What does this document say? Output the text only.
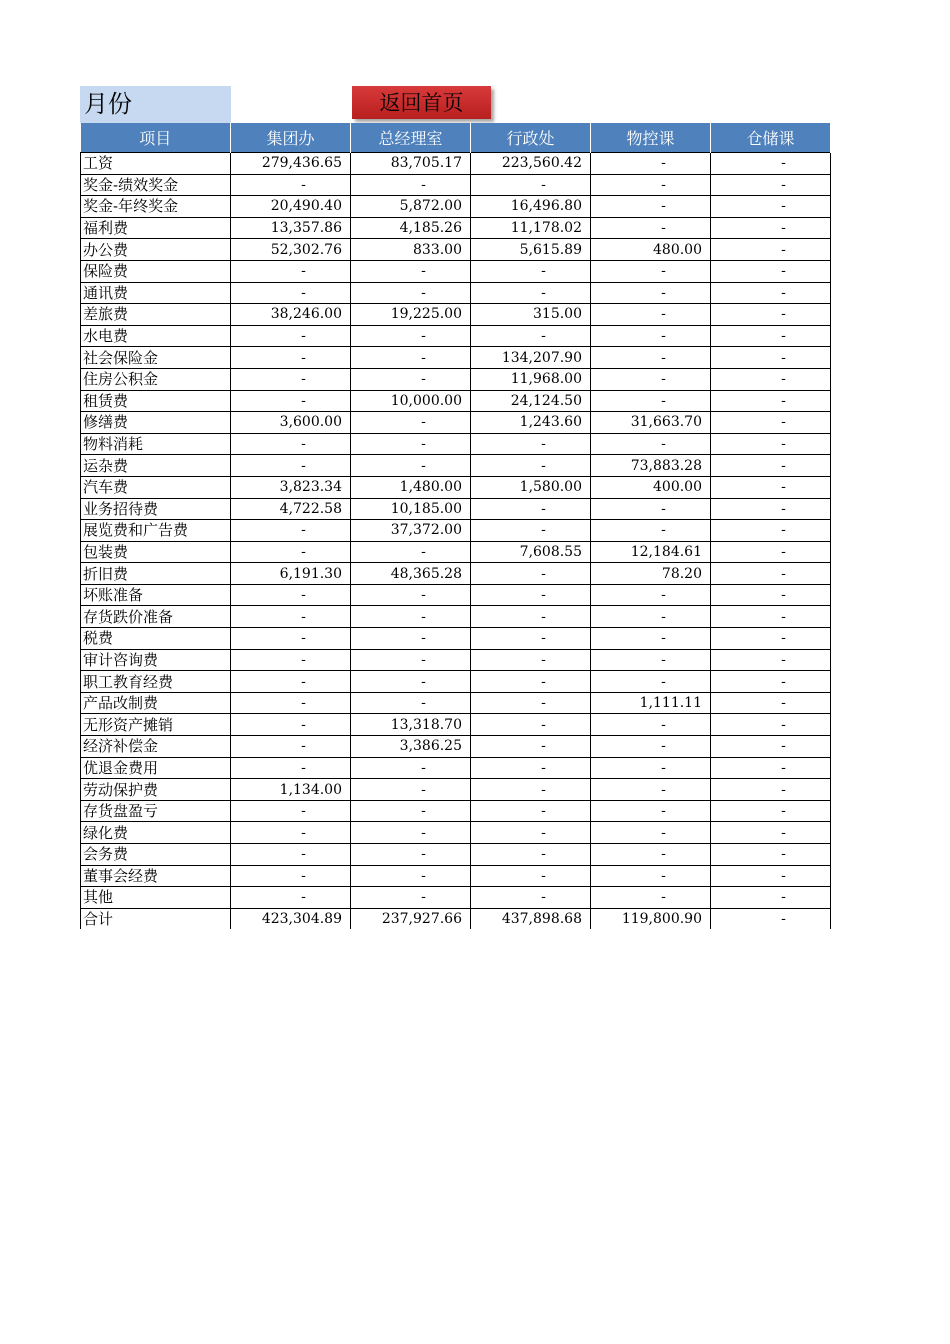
月份	返回首页
项目	集团办	总经理室	行政处	物控课	仓储课
工资	279,436.65	83,705.17	223,560.42	-	-
奖金-绩效奖金	-	-	-	-	-
奖金-年终奖金	20,490.40	5,872.00	16,496.80	-	-
福利费	13,357.86	4,185.26	11,178.02	-	-
办公费	52,302.76	833.00	5,615.89	480.00	-
保险费	-	-	-	-	-
通讯费	-	-	-	-	-
差旅费	38,246.00	19,225.00	315.00	-	-
水电费	-	-	-	-	-
社会保险金	-	-	134,207.90	-	-
住房公积金	-	-	11,968.00	-	-
租赁费	-	10,000.00	24,124.50	-	-
修缮费	3,600.00	-	1,243.60	31,663.70	-
物料消耗	-	-	-	-	-
运杂费	-	-	-	73,883.28	-
汽车费	3,823.34	1,480.00	1,580.00	400.00	-
业务招待费	4,722.58	10,185.00	-	-	-
展览费和广告费	-	37,372.00	-	-	-
包装费	-	-	7,608.55	12,184.61	-
折旧费	6,191.30	48,365.28	-	78.20	-
坏账准备	-	-	-	-	-
存货跌价准备	-	-	-	-	-
税费	-	-	-	-	-
审计咨询费	-	-	-	-	-
职工教育经费	-	-	-	-	-
产品改制费	-	-	-	1,111.11	-
无形资产摊销	-	13,318.70	-	-	-
经济补偿金	-	3,386.25	-	-	-
优退金费用	-	-	-	-	-
劳动保护费	1,134.00	-	-	-	-
存货盘盈亏	-	-	-	-	-
绿化费	-	-	-	-	-
会务费	-	-	-	-	-
董事会经费	-	-	-	-	-
其他	-	-	-	-	-
合计	423,304.89	237,927.66	437,898.68	119,800.90	-
